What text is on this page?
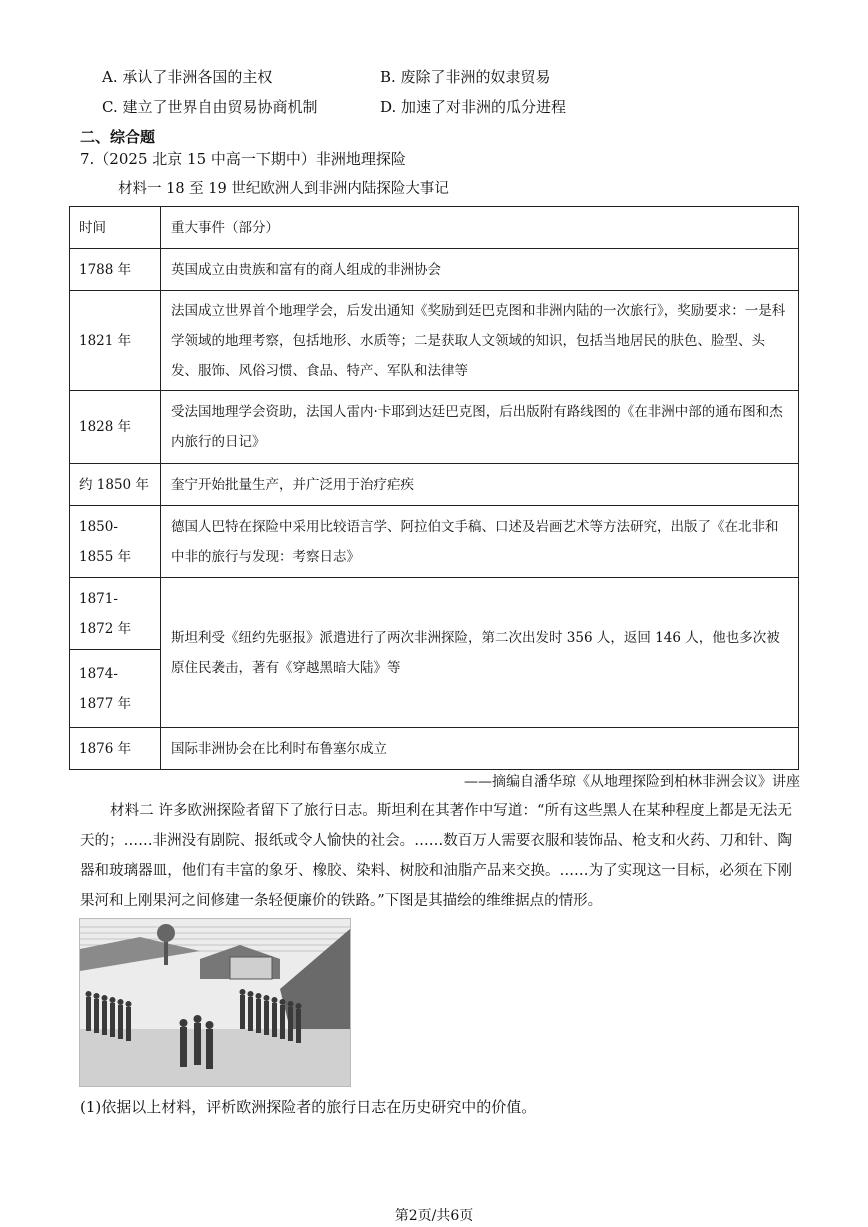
A. 承认了非洲各国的主权	B. 废除了非洲的奴隶贸易
C. 建立了世界自由贸易协商机制	D. 加速了对非洲的瓜分进程
二、综合题
7.（2025 北京 15 中高一下期中）非洲地理探险
材料一 18 至 19 世纪欧洲人到非洲内陆探险大事记
时间	重大事件（部分）
1788 年	英国成立由贵族和富有的商人组成的非洲协会
1821 年	法国成立世界首个地理学会，后发出通知《奖励到廷巴克图和非洲内陆的一次旅行》，奖励要求：一是科学领域的地理考察，包括地形、水质等；二是获取人文领域的知识，包括当地居民的肤色、脸型、头发、服饰、风俗习惯、食品、特产、军队和法律等
1828 年	受法国地理学会资助，法国人雷内·卡耶到达廷巴克图，后出版附有路线图的《在非洲中部的通布图和杰内旅行的日记》
约 1850 年	奎宁开始批量生产，并广泛用于治疗疟疾
1850-1855 年	德国人巴特在探险中采用比较语言学、阿拉伯文手稿、口述及岩画艺术等方法研究，出版了《在北非和中非的旅行与发现：考察日志》
1871-1872 年	斯坦利受《纽约先驱报》派遣进行了两次非洲探险，第二次出发时 356 人，返回 146 人，他也多次被原住民袭击，著有《穿越黑暗大陆》等
1874-1877 年	
1876 年	国际非洲协会在比利时布鲁塞尔成立
——摘编自潘华琼《从地理探险到柏林非洲会议》讲座
材料二 许多欧洲探险者留下了旅行日志。斯坦利在其著作中写道：“所有这些黑人在某种程度上都是无法无天的；……非洲没有剧院、报纸或令人愉快的社会。……数百万人需要衣服和装饰品、枪支和火药、刀和针、陶器和玻璃器皿，他们有丰富的象牙、橡胶、染料、树胶和油脂产品来交换。……为了实现这一目标，必须在下刚果河和上刚果河之间修建一条轻便廉价的铁路。”下图是其描绘的维维据点的情形。
(1)依据以上材料，评析欧洲探险者的旅行日志在历史研究中的价值。
第2页/共6页
